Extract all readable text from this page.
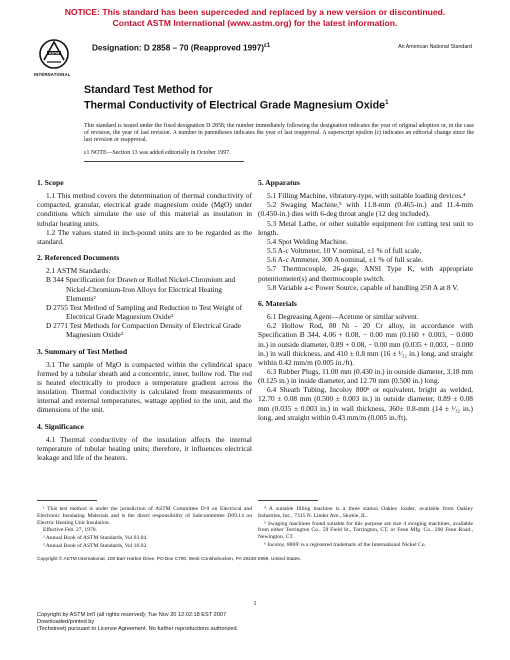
NOTICE: This standard has been superceded and replaced by a new version or discontinued.
Contact ASTM International (www.astm.org) for the latest information.
ASTM
INTERNATIONAL
Designation: D 2858 – 70 (Reapproved 1997)$^{\varepsilon 1}$	An American National Standard
Standard Test Method for
Thermal Conductivity of Electrical Grade Magnesium Oxide$^1$
This standard is issued under the fixed designation D 2858; the number immediately following the designation indicates the year of original adoption or, in the case of revision, the year of last revision. A number in parentheses indicates the year of last reapproval. A superscript epsilon (ε) indicates an editorial change since the last revision or reapproval.
ε1 NOTE—Section 13 was added editorially in October 1997.
1. Scope

1.1 This method covers the determination of thermal conductivity of compacted, granular, electrical grade magnesium oxide (MgO) under conditions which simulate the use of this material as insulation in tubular heating units.

1.2 The values stated in inch-pound units are to be regarded as the standard.

2. Referenced Documents

2.1 ASTM Standards:

B 344 Specification for Drawn or Rolled Nickel-Chromium and Nickel-Chromium-Iron Alloys for Electrical Heating Elements²

D 2755 Test Method of Sampling and Reduction to Test Weight of Electrical Grade Magnesium Oxide³

D 2771 Test Methods for Compaction Density of Electrical Grade Magnesium Oxide³

3. Summary of Test Method

3.1 The sample of MgO is compacted within the cylindrical space formed by a tubular sheath and a concentric, inner, hollow rod. The rod is heated electrically to produce a temperature gradient across the insulation. Thermal conductivity is calculated from measurements of internal and external temperatures, wattage applied to the unit, and the dimensions of the unit.

4. Significance

4.1 Thermal conductivity of the insulation affects the internal temperature of tubular heating units; therefore, it influences electrical leakage and life of the heaters.

5. Apparatus

5.1 Filling Machine, vibratory-type, with suitable loading devices.⁴

5.2 Swaging Machine,⁵ with 11.8-mm (0.465-in.) and 11.4-mm (0.450-in.) dies with 6-deg throat angle (12 deg included).

5.3 Metal Lathe, or other suitable equipment for cutting test unit to length.

5.4 Spot Welding Machine.

5.5 A-c Voltmeter, 10 V nominal, ±1 % of full scale,

5.6 A-c Ammeter, 300 A nominal, ±1 % of full scale.

5.7 Thermocouple, 26-gage, ANSI Type K, with appropriate potentiometer(s) and thermocouple switch.

5.8 Variable a-c Power Source, capable of handling 250 A at 8 V.

6. Materials

6.1 Degreasing Agent—Acetone or similar solvent.

6.2 Hollow Rod, 80 Ni - 20 Cr alloy, in accordance with Specification B 344, 4.06 + 0.08, − 0.00 mm (0.160 + 0.003, − 0.000 in.) in outside diameter, 0.89 + 0.08, − 0.00 mm (0.035 + 0.003, − 0.000 in.) in wall thickness, and 410 ± 0.8 mm (16 ± ¹⁄₃₂ in.) long, and straight within 0.42 mm/m (0.005 in./ft).

6.3 Rubber Plugs, 11.00 mm (0.430 in.) in outside diameter, 3.18 mm (0.125 in.) in inside diameter, and 12.70 mm (0.500 in.) long.

6.4 Sheath Tubing, Incoloy 800⁶ or equivalent, bright as welded, 12.70 ± 0.08 mm (0.500 ± 0.003 in.) in outside diameter, 0.89 ± 0.08 mm (0.035 ± 0.003 in.) in wall thickness, 360± 0.8-mm (14 ± ¹⁄₃₂ in.) long, and straight within 0.43 mm/m (0.005 in./ft).

¹ This test method is under the jurisdiction of ASTM Committee D-9 on Electrical and Electronic Insulating Materials and is the direct responsibility of Subcommittee D09.14 on Electric Heating Unit Insulation.

Effective Feb. 27, 1970.

² Annual Book of ASTM Standards, Vol 03.04.

³ Annual Book of ASTM Standards, Vol 10.02.

⁴ A suitable filling machine is a three station Oakley loader, available from Oakley Industries, Inc., 7315 N. Linder Ave., Skokie, IL.

⁵ Swaging machines found suitable for this purpose are size 4 swaging machines, available from either Torrington Co., 59 Field St., Torrington, CT, or Fenn Mfg. Co., 200 Fenn Road., Newington, CT.

⁶ Incoloy, 800® is a registered trademark of the International Nickel Co.

Copyright © ASTM International, 100 Barr Harbor Drive, PO Box C700, West Conshohocken, PA 19428-2959, United States.
1
Copyright by ASTM Int'l (all rights reserved); Tue Nov 20 12:02:18 EST 2007
Downloaded/printed by
(Techstreet) pursuant to License Agreement. No further reproductions authorized.
